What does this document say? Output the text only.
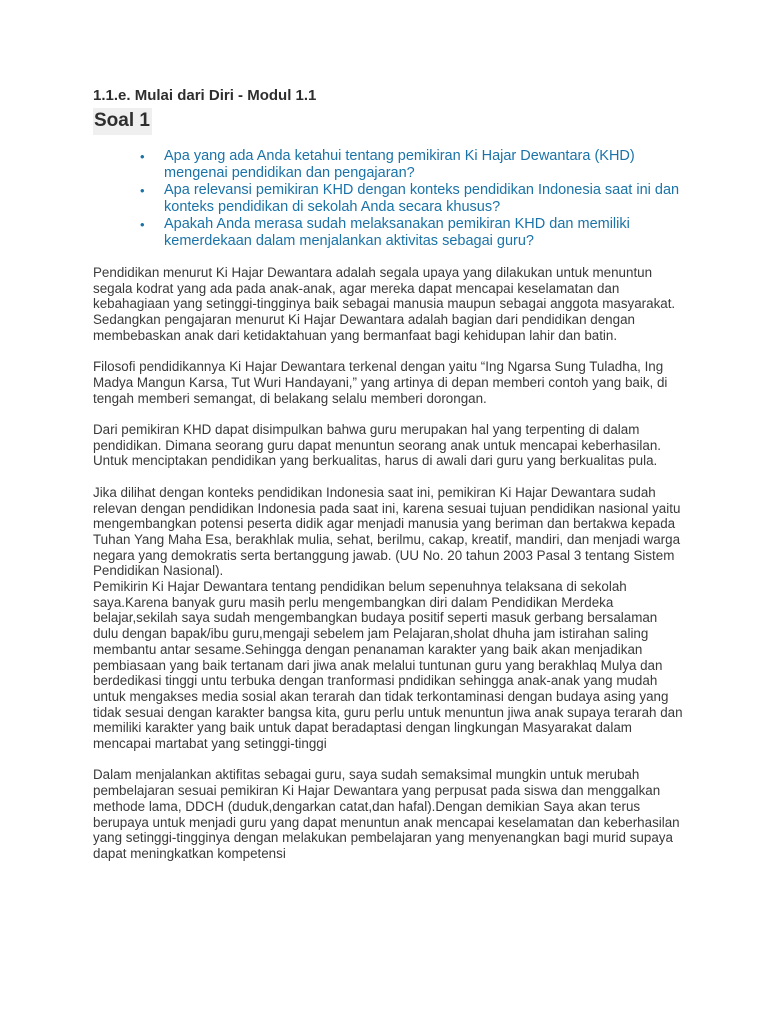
1.1.e. Mulai dari Diri - Modul 1.1
Soal 1
• Apa yang ada Anda ketahui tentang pemikiran Ki Hajar Dewantara (KHD) mengenai pendidikan dan pengajaran?
• Apa relevansi pemikiran KHD dengan konteks pendidikan Indonesia saat ini dan konteks pendidikan di sekolah Anda secara khusus?
• Apakah Anda merasa sudah melaksanakan pemikiran KHD dan memiliki kemerdekaan dalam menjalankan aktivitas sebagai guru?

Pendidikan menurut Ki Hajar Dewantara adalah segala upaya yang dilakukan untuk menuntun segala kodrat yang ada pada anak-anak, agar mereka dapat mencapai keselamatan dan kebahagiaan yang setinggi-tingginya baik sebagai manusia maupun sebagai anggota masyarakat. Sedangkan pengajaran menurut Ki Hajar Dewantara adalah bagian dari pendidikan dengan membebaskan anak dari ketidaktahuan yang bermanfaat bagi kehidupan lahir dan batin.

Filosofi pendidikannya Ki Hajar Dewantara terkenal dengan yaitu “Ing Ngarsa Sung Tuladha, Ing Madya Mangun Karsa, Tut Wuri Handayani,” yang artinya di depan memberi contoh yang baik, di tengah memberi semangat, di belakang selalu memberi dorongan.

Dari pemikiran KHD dapat disimpulkan bahwa guru merupakan hal yang terpenting di dalam pendidikan. Dimana seorang guru dapat menuntun seorang anak untuk mencapai keberhasilan. Untuk menciptakan pendidikan yang berkualitas, harus di awali dari guru yang berkualitas pula.

Jika dilihat dengan konteks pendidikan Indonesia saat ini, pemikiran Ki Hajar Dewantara sudah relevan dengan pendidikan Indonesia pada saat ini, karena sesuai tujuan pendidikan nasional yaitu mengembangkan potensi peserta didik agar menjadi manusia yang beriman dan bertakwa kepada Tuhan Yang Maha Esa, berakhlak mulia, sehat, berilmu, cakap, kreatif, mandiri, dan menjadi warga negara yang demokratis serta bertanggung jawab. (UU No. 20 tahun 2003 Pasal 3 tentang Sistem Pendidikan Nasional).

Pemikirin Ki Hajar Dewantara tentang pendidikan belum sepenuhnya telaksana di sekolah saya.Karena banyak guru masih perlu mengembangkan diri dalam Pendidikan Merdeka belajar,sekilah saya sudah mengembangkan budaya positif seperti masuk gerbang bersalaman dulu dengan bapak/ibu guru,mengaji sebelem jam Pelajaran,sholat dhuha jam istirahan saling membantu antar sesame.Sehingga dengan penanaman karakter yang baik akan menjadikan pembiasaan yang baik tertanam dari jiwa anak melalui tuntunan guru yang berakhlaq Mulya dan berdedikasi tinggi untu terbuka dengan tranformasi pndidikan sehingga anak-anak yang mudah untuk mengakses media sosial akan terarah dan tidak terkontaminasi dengan budaya asing yang tidak sesuai dengan karakter bangsa kita, guru perlu untuk menuntun jiwa anak supaya terarah dan memiliki karakter yang baik untuk dapat beradaptasi dengan lingkungan Masyarakat dalam mencapai martabat yang setinggi-tinggi

Dalam menjalankan aktifitas sebagai guru, saya sudah semaksimal mungkin untuk merubah pembelajaran sesuai pemikiran Ki Hajar Dewantara yang perpusat pada siswa dan menggalkan methode lama, DDCH (duduk,dengarkan catat,dan hafal).Dengan demikian Saya akan terus berupaya untuk menjadi guru yang dapat menuntun anak mencapai keselamatan dan keberhasilan yang setinggi-tingginya dengan melakukan pembelajaran yang menyenangkan bagi murid supaya dapat meningkatkan kompetensi
